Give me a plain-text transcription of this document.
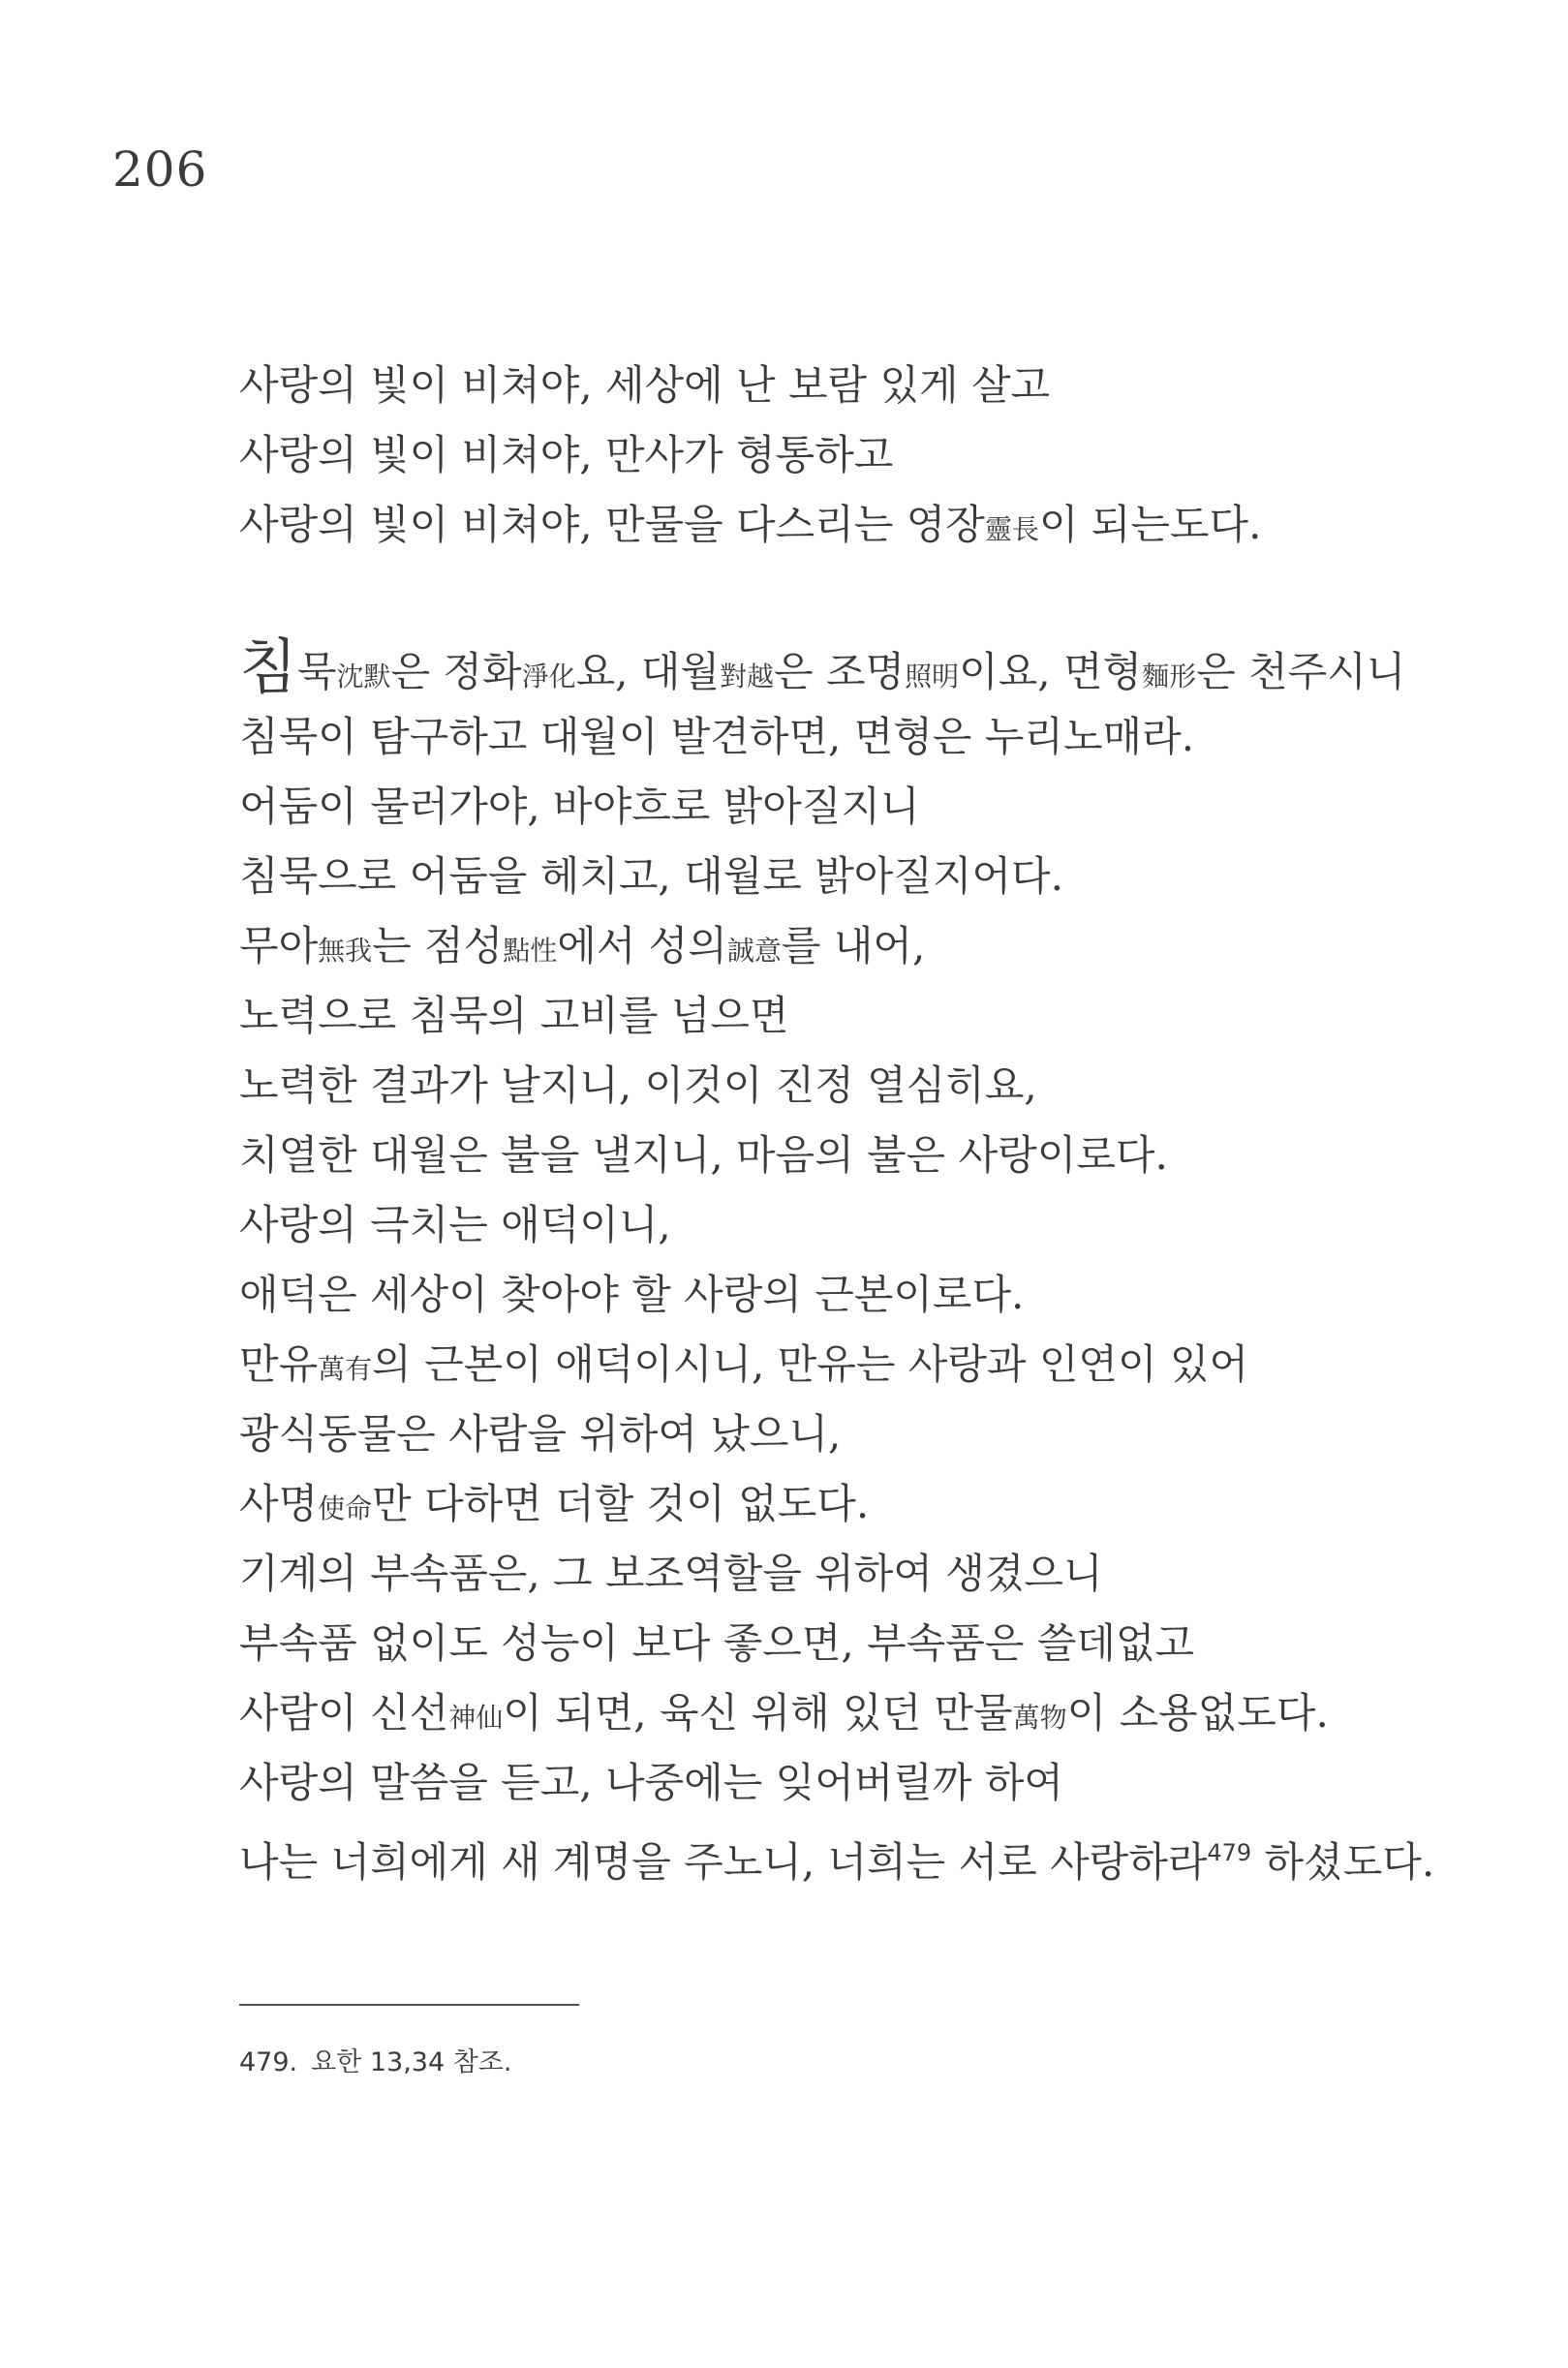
206
사랑의 빛이 비쳐야, 세상에 난 보람 있게 살고
사랑의 빛이 비쳐야, 만사가 형통하고
사랑의 빛이 비쳐야, 만물을 다스리는 영장靈長이 되는도다.
침묵沈默은 정화淨化요, 대월對越은 조명照明이요, 면형麵形은 천주시니
침묵이 탐구하고 대월이 발견하면, 면형은 누리노매라.
어둠이 물러가야, 바야흐로 밝아질지니
침묵으로 어둠을 헤치고, 대월로 밝아질지어다.
무아無我는 점성點性에서 성의誠意를 내어,
노력으로 침묵의 고비를 넘으면
노력한 결과가 날지니, 이것이 진정 열심히요,
치열한 대월은 불을 낼지니, 마음의 불은 사랑이로다.
사랑의 극치는 애덕이니,
애덕은 세상이 찾아야 할 사랑의 근본이로다.
만유萬有의 근본이 애덕이시니, 만유는 사랑과 인연이 있어
광식동물은 사람을 위하여 났으니,
사명使命만 다하면 더할 것이 없도다.
기계의 부속품은, 그 보조역할을 위하여 생겼으니
부속품 없이도 성능이 보다 좋으면, 부속품은 쓸데없고
사람이 신선神仙이 되면, 육신 위해 있던 만물萬物이 소용없도다.
사랑의 말씀을 듣고, 나중에는 잊어버릴까 하여
나는 너희에게 새 계명을 주노니, 너희는 서로 사랑하라$^{479}$ 하셨도다.
479. 요한 13,34 참조.
